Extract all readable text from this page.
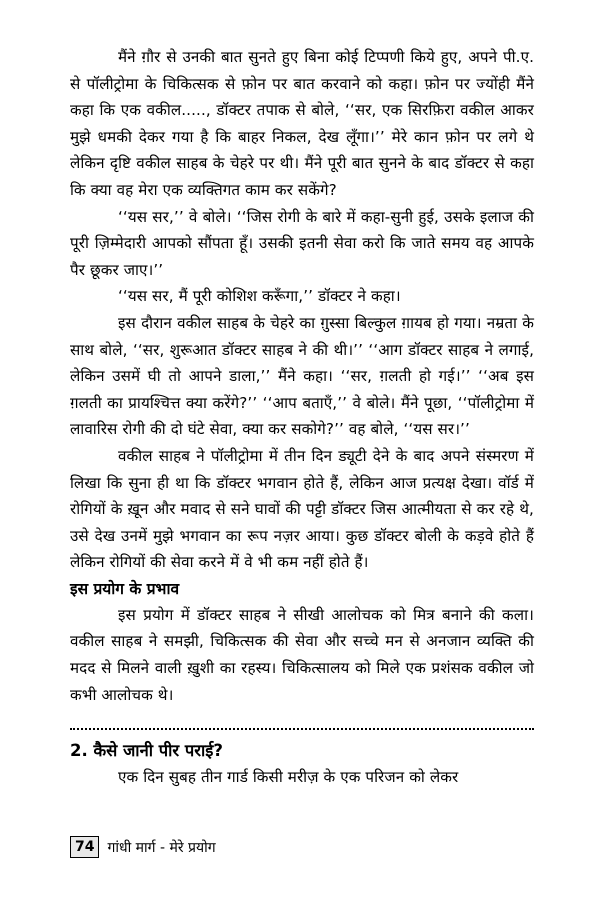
मैंने ग़ौर से उनकी बात सुनते हुए बिना कोई टिप्पणी किये हुए, अपने पी.ए. से पॉलीट्रोमा के चिकित्सक से फ़ोन पर बात करवाने को कहा। फ़ोन पर ज्योंही मैंने कहा कि एक वकील....., डॉक्टर तपाक से बोले, ‘‘सर, एक सिरफ़िरा वकील आकर मुझे धमकी देकर गया है कि बाहर निकल, देख लूँगा।’’ मेरे कान फ़ोन पर लगे थे लेकिन दृष्टि वकील साहब के चेहरे पर थी। मैंने पूरी बात सुनने के बाद डॉक्टर से कहा कि क्या वह मेरा एक व्यक्तिगत काम कर सकेंगे?

‘‘यस सर,’’ वे बोले। ‘‘जिस रोगी के बारे में कहा-सुनी हुई, उसके इलाज की पूरी ज़िम्मेदारी आपको सौंपता हूँ। उसकी इतनी सेवा करो कि जाते समय वह आपके पैर छूकर जाए।’’

‘‘यस सर, मैं पूरी कोशिश करूँगा,’’ डॉक्टर ने कहा।

इस दौरान वकील साहब के चेहरे का ग़ुस्सा बिल्कुल ग़ायब हो गया। नम्रता के साथ बोले, ‘‘सर, शुरूआत डॉक्टर साहब ने की थी।’’ ‘‘आग डॉक्टर साहब ने लगाई, लेकिन उसमें घी तो आपने डाला,’’ मैंने कहा। ‘‘सर, ग़लती हो गई।’’ ‘‘अब इस ग़लती का प्रायश्चित्त क्या करेंगे?’’ ‘‘आप बताएँ,’’ वे बोले। मैंने पूछा, ‘‘पॉलीट्रोमा में लावारिस रोगी की दो घंटे सेवा, क्या कर सकोगे?’’ वह बोले, ‘‘यस सर।’’

वकील साहब ने पॉलीट्रोमा में तीन दिन ड्यूटी देने के बाद अपने संस्मरण में लिखा कि सुना ही था कि डॉक्टर भगवान होते हैं, लेकिन आज प्रत्यक्ष देखा। वॉर्ड में रोगियों के ख़ून और मवाद से सने घावों की पट्टी डॉक्टर जिस आत्मीयता से कर रहे थे, उसे देख उनमें मुझे भगवान का रूप नज़र आया। कुछ डॉक्टर बोली के कड़वे होते हैं लेकिन रोगियों की सेवा करने में वे भी कम नहीं होते हैं।

इस प्रयोग के प्रभाव

इस प्रयोग में डॉक्टर साहब ने सीखी आलोचक को मित्र बनाने की कला। वकील साहब ने समझी, चिकित्सक की सेवा और सच्चे मन से अनजान व्यक्ति की मदद से मिलने वाली ख़ुशी का रहस्य। चिकित्सालय को मिले एक प्रशंसक वकील जो कभी आलोचक थे।

2. कैसे जानी पीर पराई?

एक दिन सुबह तीन गार्ड किसी मरीज़ के एक परिजन को लेकर

74 गांधी मार्ग - मेरे प्रयोग
